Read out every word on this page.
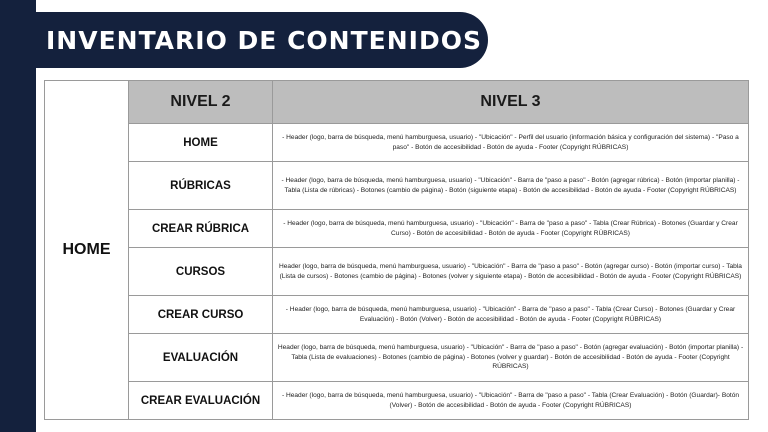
INVENTARIO DE CONTENIDOS
HOME	NIVEL 2	NIVEL 3
	HOME	- Header (logo, barra de búsqueda, menú hamburguesa, usuario) - "Ubicación" - Perfil del usuario (información básica y configuración del sistema) - "Paso a paso" - Botón de accesibilidad - Botón de ayuda - Footer (Copyright RÚBRICAS)
	RÚBRICAS	- Header (logo, barra de búsqueda, menú hamburguesa, usuario) - "Ubicación" - Barra de "paso a paso" - Botón (agregar rúbrica) - Botón (importar planilla) - Tabla (Lista de rúbricas) - Botones (cambio de página) - Botón (siguiente etapa) - Botón de accesibilidad - Botón de ayuda - Footer (Copyright RÚBRICAS)
	CREAR RÚBRICA	- Header (logo, barra de búsqueda, menú hamburguesa, usuario) - "Ubicación" - Barra de "paso a paso" - Tabla (Crear Rúbrica) - Botones (Guardar y Crear Curso) - Botón de accesibilidad - Botón de ayuda - Footer (Copyright RÚBRICAS)
	CURSOS	Header (logo, barra de búsqueda, menú hamburguesa, usuario) - "Ubicación" - Barra de "paso a paso" - Botón (agregar curso) - Botón (importar curso) - Tabla (Lista de cursos) - Botones (cambio de página) - Botones (volver y siguiente etapa) - Botón de accesibilidad - Botón de ayuda - Footer (Copyright RÚBRICAS)
	CREAR CURSO	- Header (logo, barra de búsqueda, menú hamburguesa, usuario) - "Ubicación" - Barra de "paso a paso" - Tabla (Crear Curso) - Botones (Guardar y Crear Evaluación) - Botón (Volver) - Botón de accesibilidad - Botón de ayuda - Footer (Copyright RÚBRICAS)
	EVALUACIÓN	Header (logo, barra de búsqueda, menú hamburguesa, usuario) - "Ubicación" - Barra de "paso a paso" - Botón (agregar evaluación) - Botón (importar planilla) - Tabla (Lista de evaluaciones) - Botones (cambio de página) - Botones (volver y guardar) - Botón de accesibilidad - Botón de ayuda - Footer (Copyright RÚBRICAS)
	CREAR EVALUACIÓN	- Header (logo, barra de búsqueda, menú hamburguesa, usuario) - "Ubicación" - Barra de "paso a paso" - Tabla (Crear Evaluación) - Botón (Guardar)- Botón (Volver) - Botón de accesibilidad - Botón de ayuda - Footer (Copyright RÚBRICAS)
